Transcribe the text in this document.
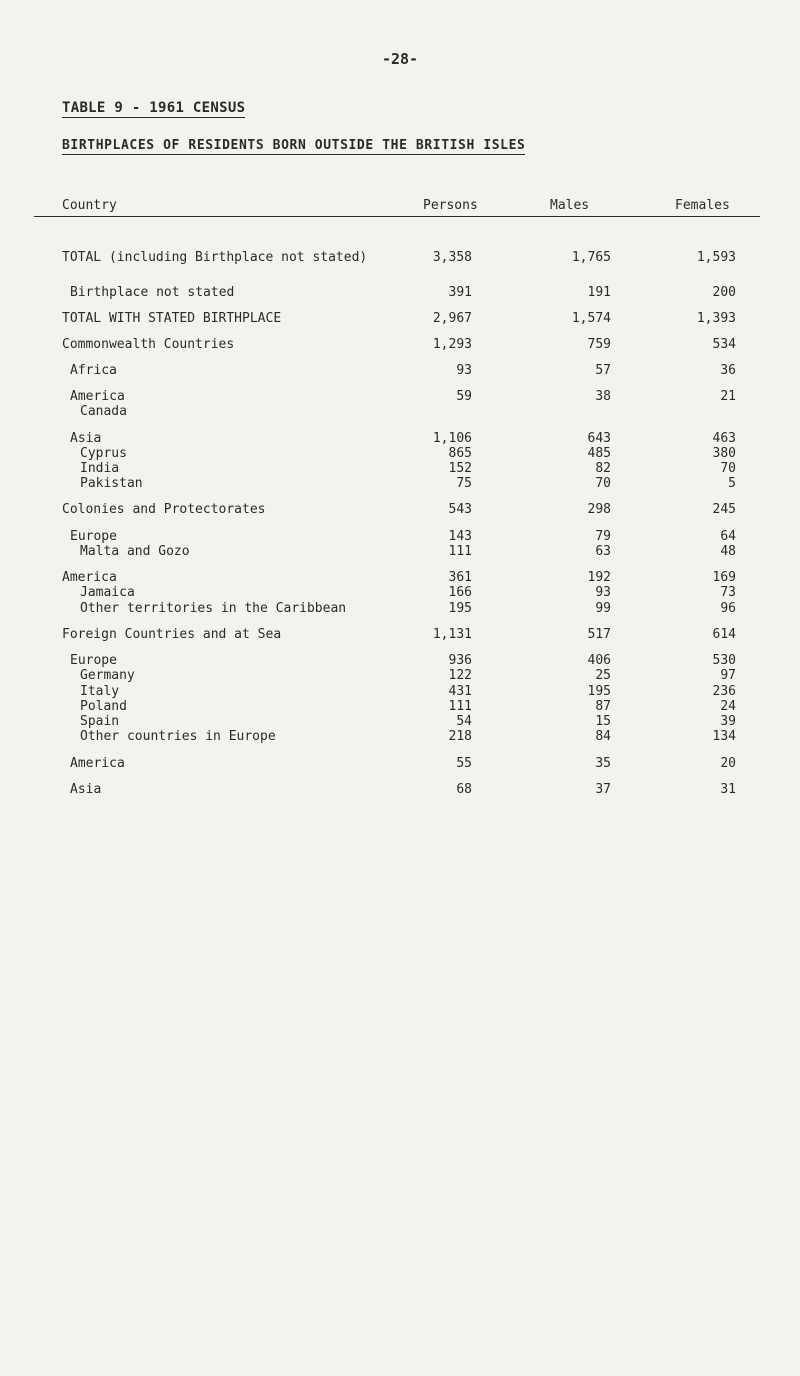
-28-
TABLE 9 - 1961 CENSUS
BIRTHPLACES OF RESIDENTS BORN OUTSIDE THE BRITISH ISLES
Country	Persons	Males	Females
TOTAL (including Birthplace not stated)	3,358	1,765	1,593
Birthplace not stated	391	191	200
TOTAL WITH STATED BIRTHPLACE	2,967	1,574	1,393
Commonwealth Countries	1,293	759	534
Africa	93	57	36
America	59	38	21
Canada
Asia	1,106	643	463
Cyprus	865	485	380
India	152	82	70
Pakistan	75	70	5
Colonies and Protectorates	543	298	245
Europe	143	79	64
Malta and Gozo	111	63	48
America	361	192	169
Jamaica	166	93	73
Other territories in the Caribbean	195	99	96
Foreign Countries and at Sea	1,131	517	614
Europe	936	406	530
Germany	122	25	97
Italy	431	195	236
Poland	111	87	24
Spain	54	15	39
Other countries in Europe	218	84	134
America	55	35	20
Asia	68	37	31
